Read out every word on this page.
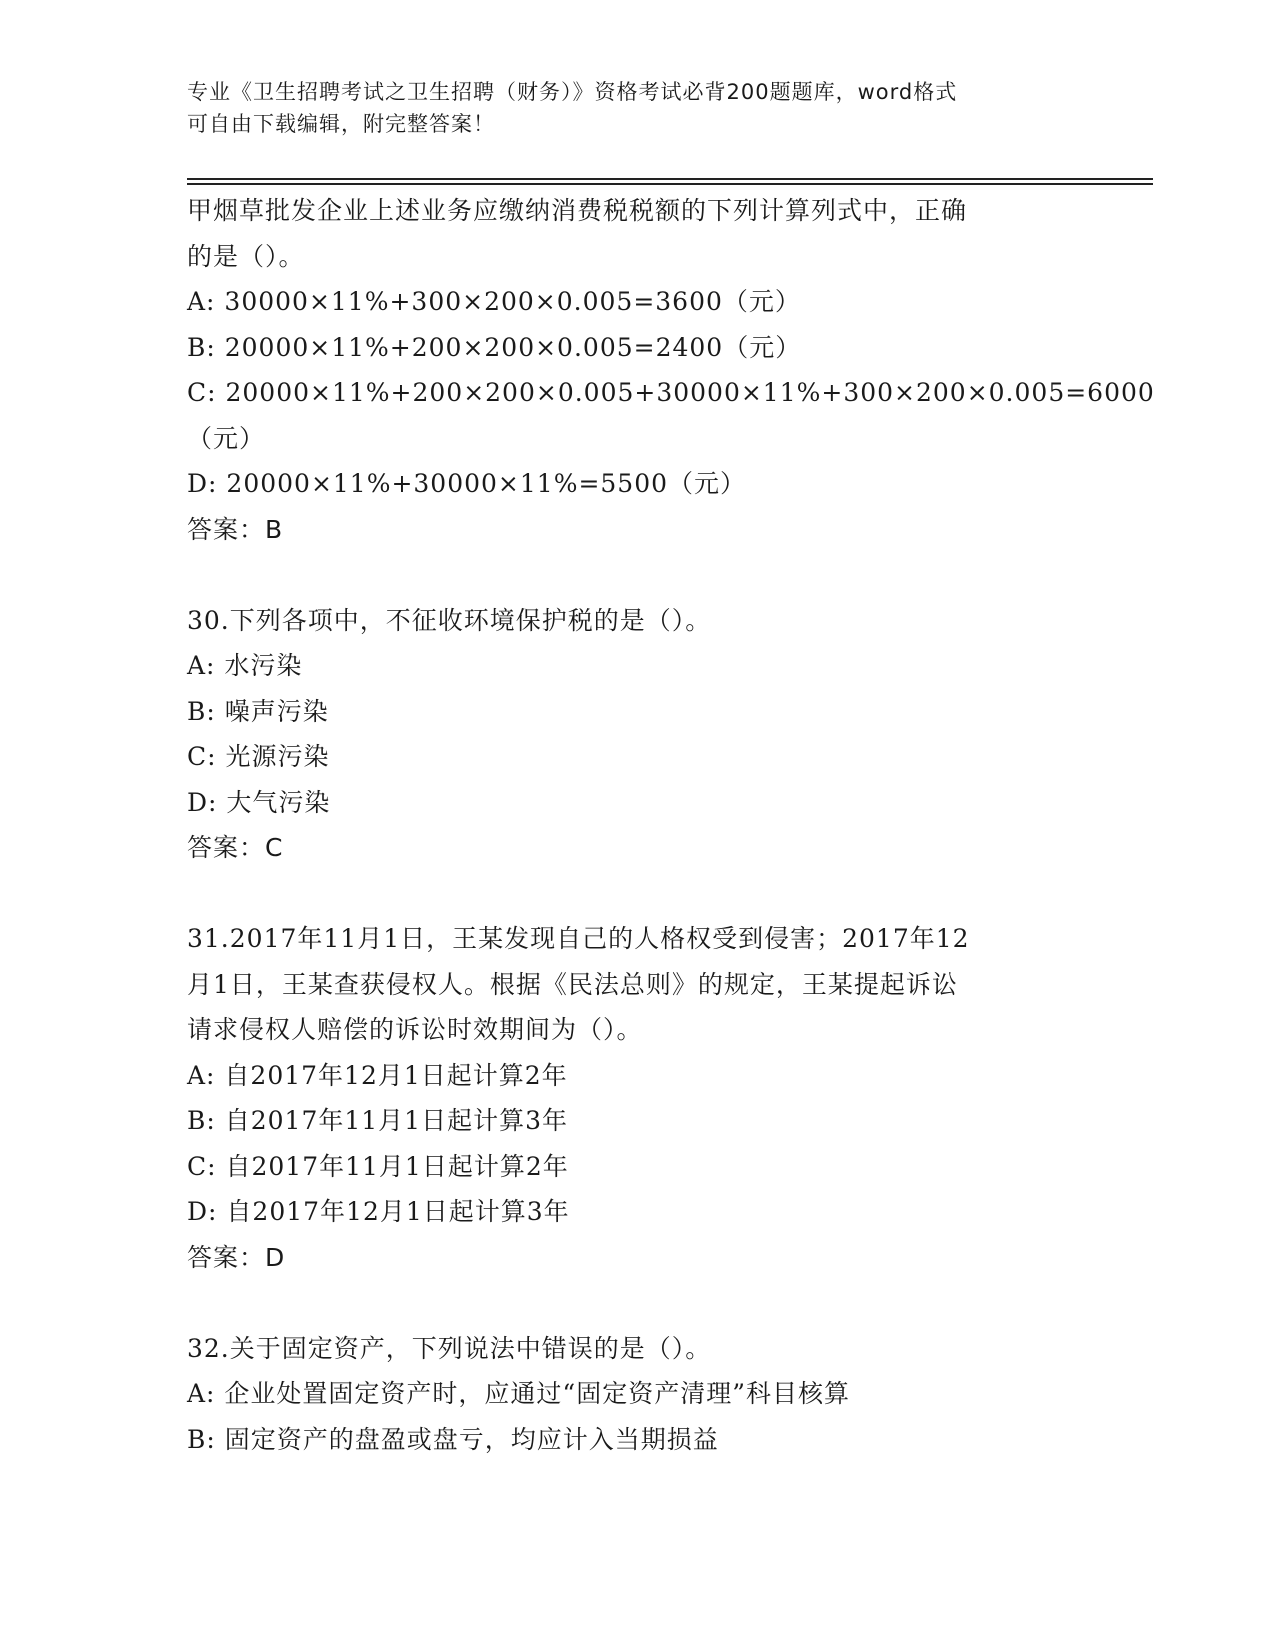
专业《卫生招聘考试之卫生招聘（财务）》资格考试必背200题题库，word格式
可自由下载编辑，附完整答案！
甲烟草批发企业上述业务应缴纳消费税税额的下列计算列式中，正确
的是（）。
A: 30000×11%+300×200×0.005=3600（元）
B: 20000×11%+200×200×0.005=2400（元）
C: 20000×11%+200×200×0.005+30000×11%+300×200×0.005=6000
（元）
D: 20000×11%+30000×11%=5500（元）
答案：B
30.下列各项中，不征收环境保护税的是（）。
A: 水污染
B: 噪声污染
C: 光源污染
D: 大气污染
答案：C
31.2017年11月1日，王某发现自己的人格权受到侵害；2017年12
月1日，王某查获侵权人。根据《民法总则》的规定，王某提起诉讼
请求侵权人赔偿的诉讼时效期间为（）。
A: 自2017年12月1日起计算2年
B: 自2017年11月1日起计算3年
C: 自2017年11月1日起计算2年
D: 自2017年12月1日起计算3年
答案：D
32.关于固定资产，下列说法中错误的是（）。
A: 企业处置固定资产时，应通过“固定资产清理”科目核算
B: 固定资产的盘盈或盘亏，均应计入当期损益
